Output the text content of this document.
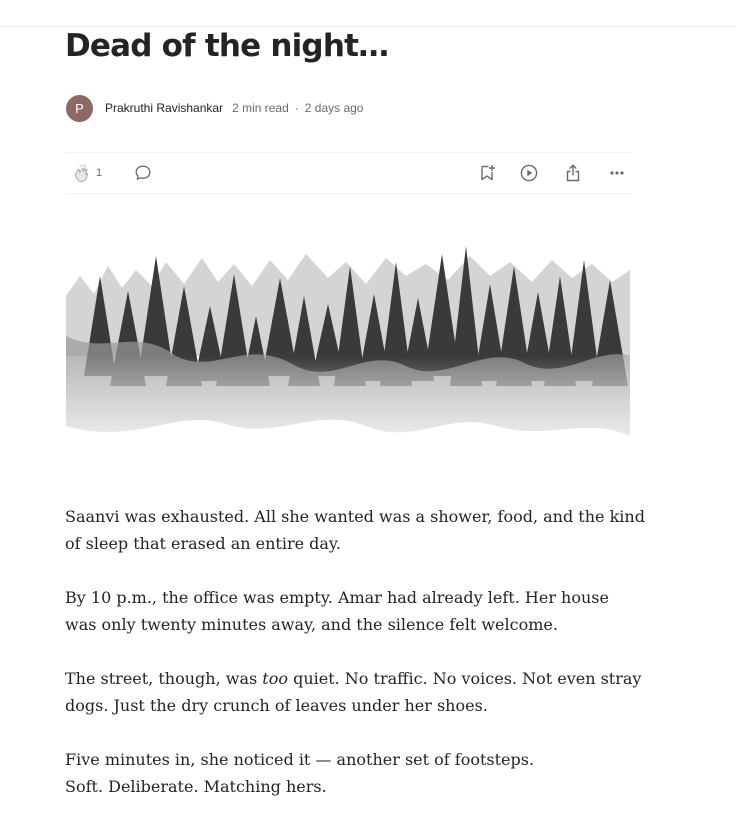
Dead of the night…
P	Prakruthi Ravishankar 2 min read · 2 days ago
1

Saanvi was exhausted. All she wanted was a shower, food, and the kind of sleep that erased an entire day.

By 10 p.m., the office was empty. Amar had already left. Her house was only twenty minutes away, and the silence felt welcome.

The street, though, was too quiet. No traffic. No voices. Not even stray dogs. Just the dry crunch of leaves under her shoes.

Five minutes in, she noticed it — another set of footsteps.
Soft. Deliberate. Matching hers.
